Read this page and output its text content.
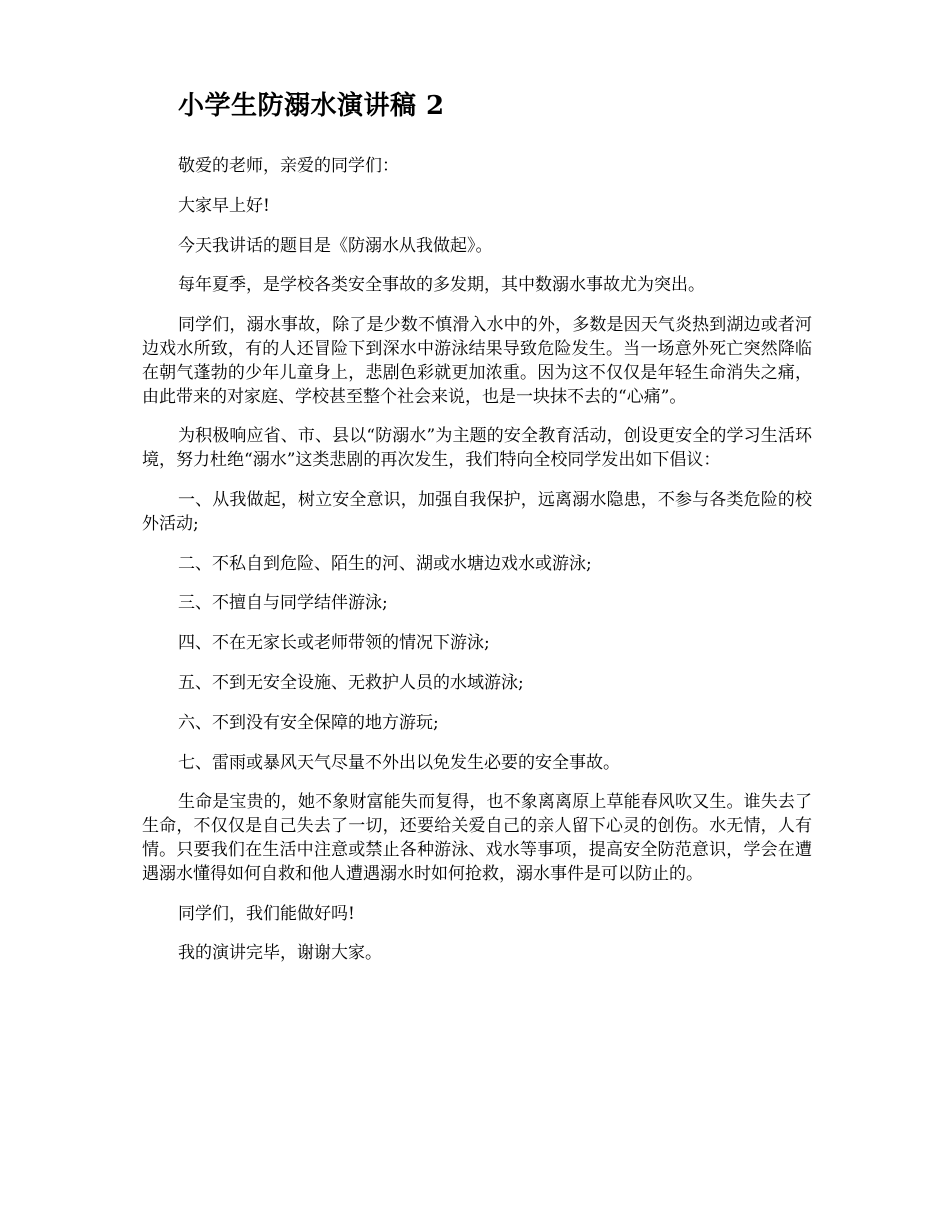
小学生防溺水演讲稿 2

敬爱的老师，亲爱的同学们：

大家早上好!

今天我讲话的题目是《防溺水从我做起》。

每年夏季，是学校各类安全事故的多发期，其中数溺水事故尤为突出。

同学们，溺水事故，除了是少数不慎滑入水中的外，多数是因天气炎热到湖边或者河边戏水所致，有的人还冒险下到深水中游泳结果导致危险发生。当一场意外死亡突然降临在朝气蓬勃的少年儿童身上，悲剧色彩就更加浓重。因为这不仅仅是年轻生命消失之痛，由此带来的对家庭、学校甚至整个社会来说，也是一块抹不去的“心痛”。

为积极响应省、市、县以“防溺水”为主题的安全教育活动，创设更安全的学习生活环境，努力杜绝“溺水”这类悲剧的再次发生，我们特向全校同学发出如下倡议：

一、从我做起，树立安全意识，加强自我保护，远离溺水隐患，不参与各类危险的校外活动;

二、不私自到危险、陌生的河、湖或水塘边戏水或游泳;

三、不擅自与同学结伴游泳;

四、不在无家长或老师带领的情况下游泳;

五、不到无安全设施、无救护人员的水域游泳;

六、不到没有安全保障的地方游玩;

七、雷雨或暴风天气尽量不外出以免发生必要的安全事故。

生命是宝贵的，她不象财富能失而复得，也不象离离原上草能春风吹又生。谁失去了生命，不仅仅是自己失去了一切，还要给关爱自己的亲人留下心灵的创伤。水无情，人有情。只要我们在生活中注意或禁止各种游泳、戏水等事项，提高安全防范意识，学会在遭遇溺水懂得如何自救和他人遭遇溺水时如何抢救，溺水事件是可以防止的。

同学们，我们能做好吗!

我的演讲完毕，谢谢大家。
